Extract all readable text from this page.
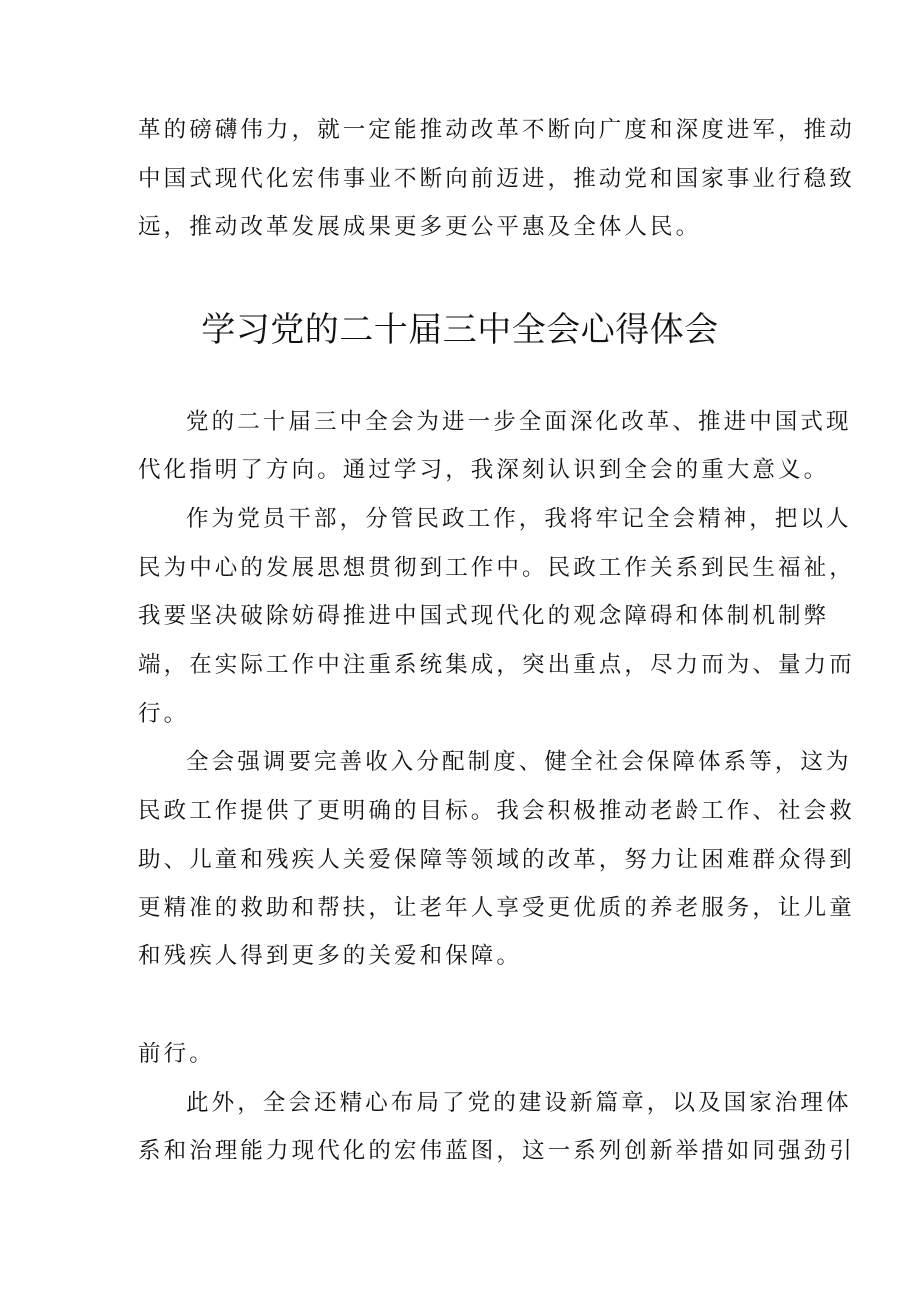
革的磅礴伟力，就一定能推动改革不断向广度和深度进军，推动
中国式现代化宏伟事业不断向前迈进，推动党和国家事业行稳致
远，推动改革发展成果更多更公平惠及全体人民。
学习党的二十届三中全会心得体会
党的二十届三中全会为进一步全面深化改革、推进中国式现
代化指明了方向。通过学习，我深刻认识到全会的重大意义。
作为党员干部，分管民政工作，我将牢记全会精神，把以人
民为中心的发展思想贯彻到工作中。民政工作关系到民生福祉，
我要坚决破除妨碍推进中国式现代化的观念障碍和体制机制弊
端，在实际工作中注重系统集成，突出重点，尽力而为、量力而
行。
全会强调要完善收入分配制度、健全社会保障体系等，这为
民政工作提供了更明确的目标。我会积极推动老龄工作、社会救
助、儿童和残疾人关爱保障等领域的改革，努力让困难群众得到
更精准的救助和帮扶，让老年人享受更优质的养老服务，让儿童
和残疾人得到更多的关爱和保障。
前行。
此外，全会还精心布局了党的建设新篇章，以及国家治理体
系和治理能力现代化的宏伟蓝图，这一系列创新举措如同强劲引
